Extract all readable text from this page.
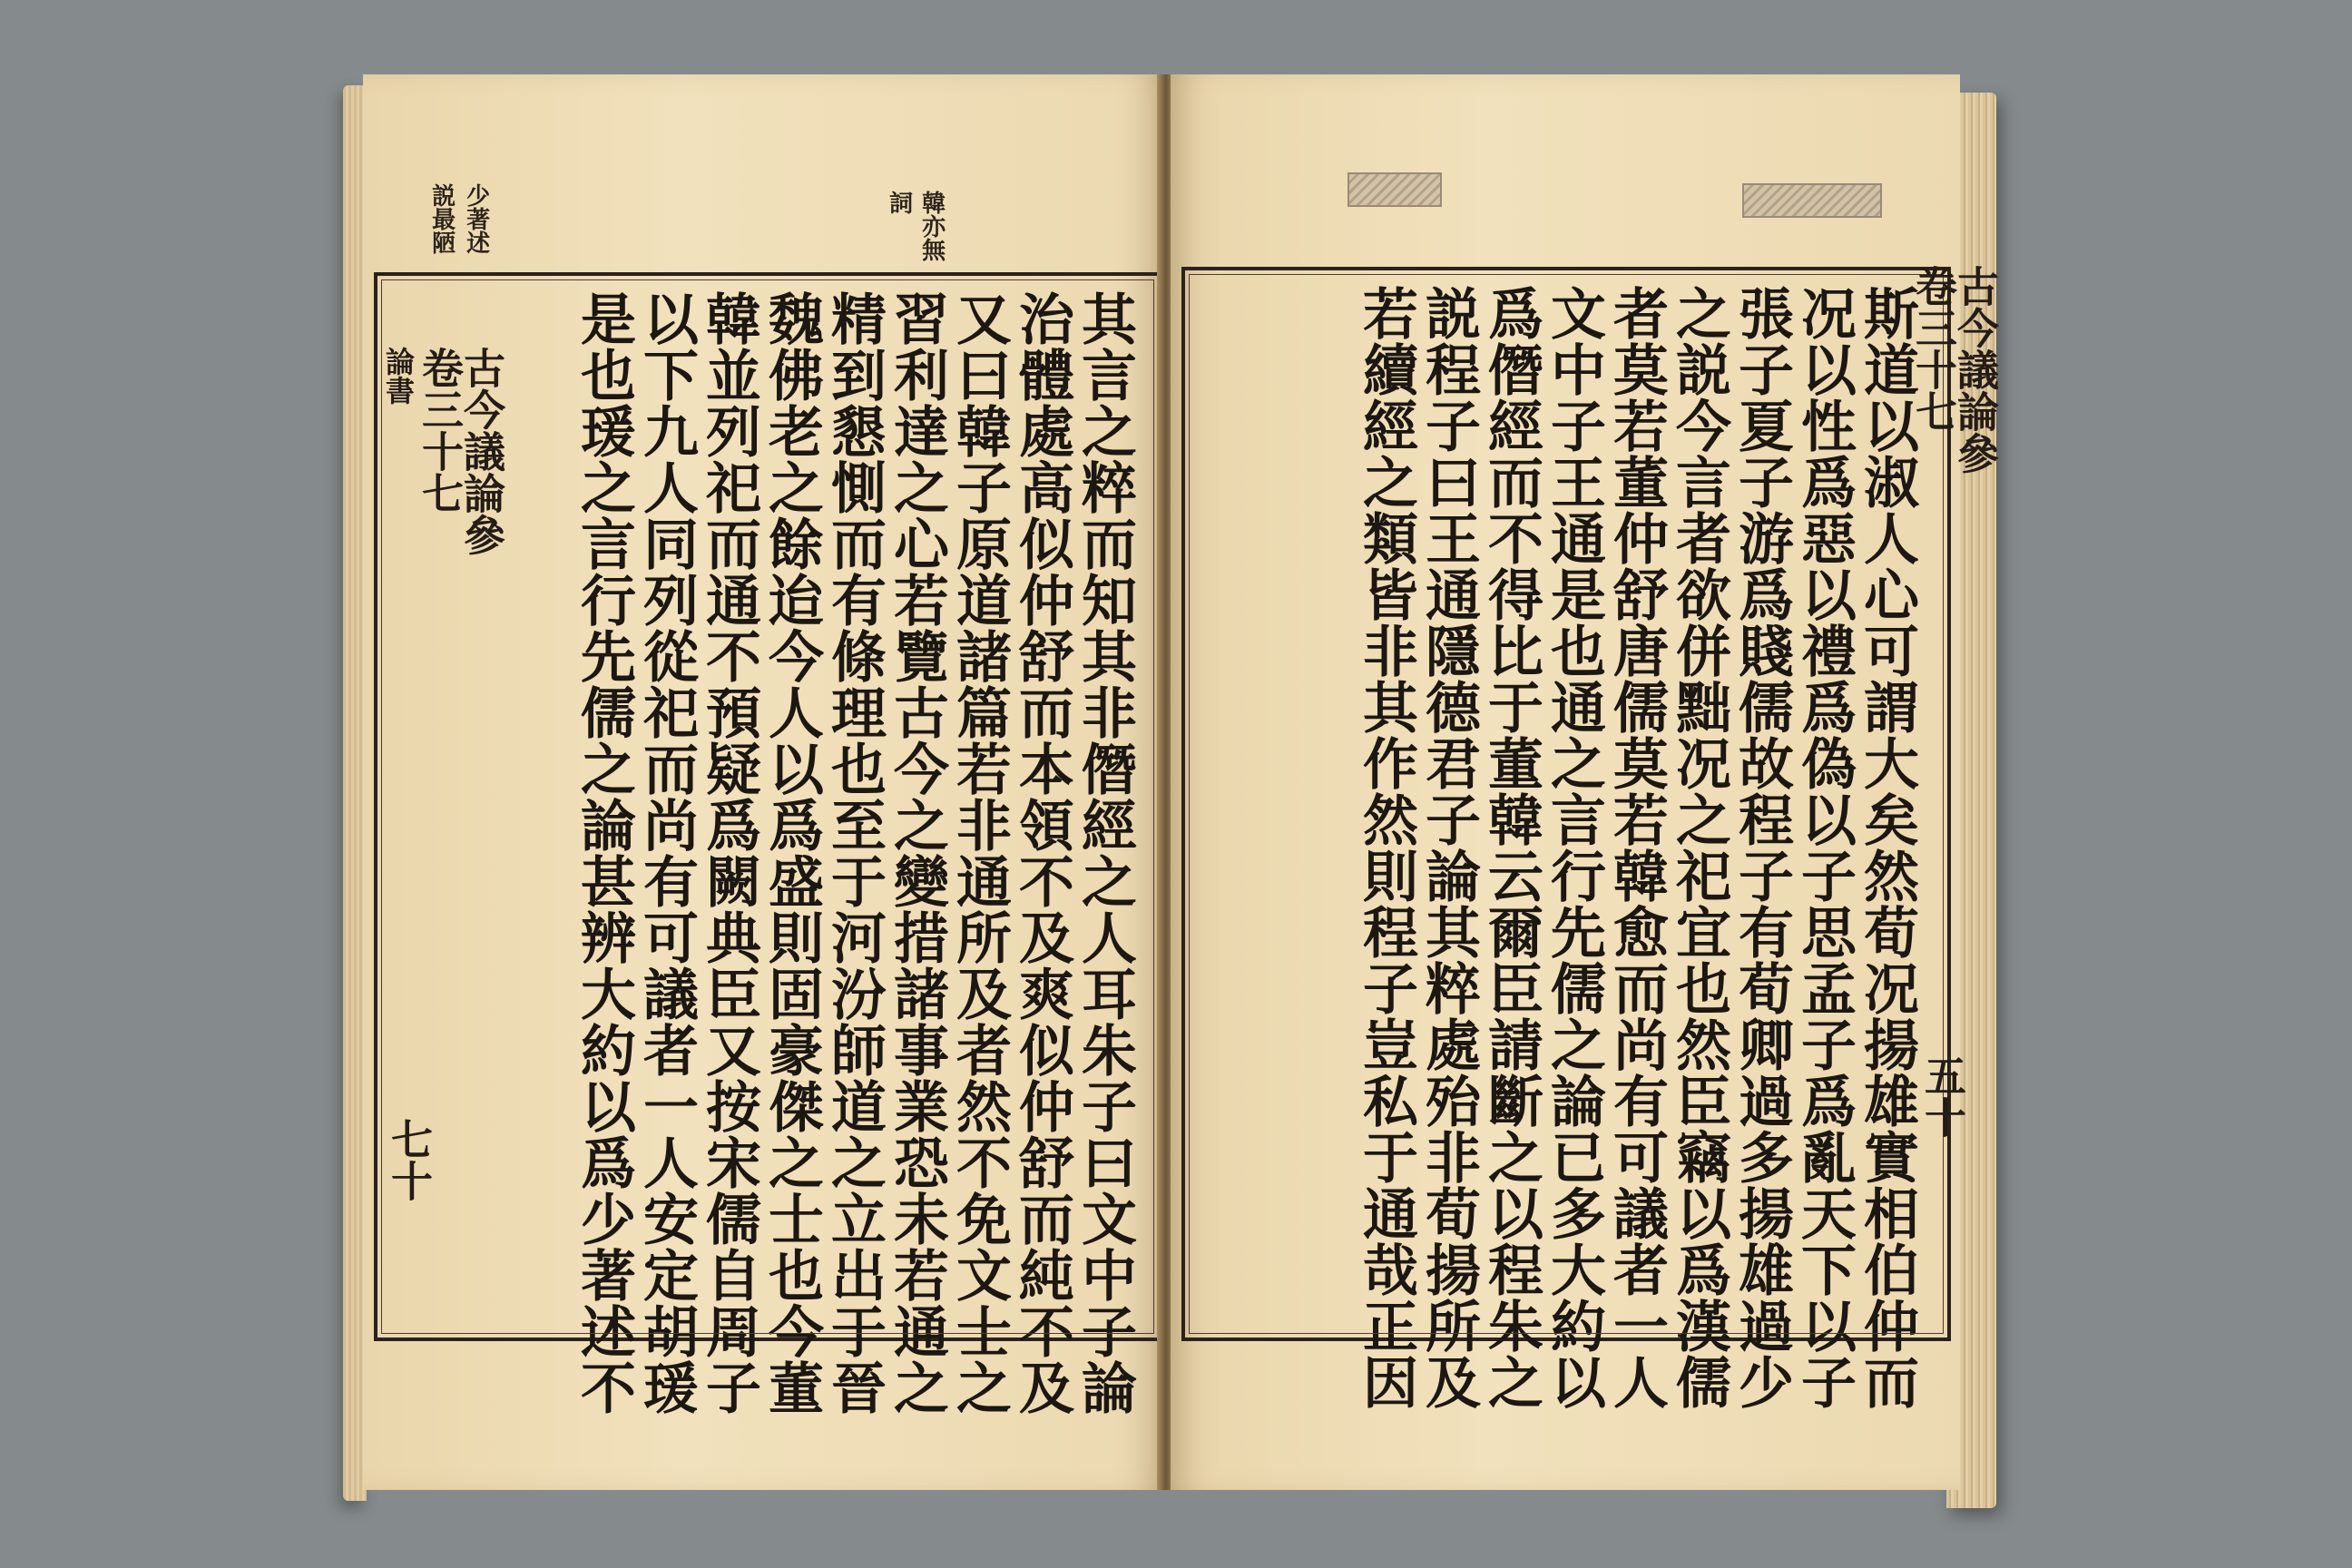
少著述
説最陋	韓亦無
詞
古今議論參
卷三十七
論書
七十	其言之粹而知其非僭經之人耳朱子曰文中子論
治體處高似仲舒而本領不及爽似仲舒而純不及
又曰韓子原道諸篇若非通所及者然不免文士之
習利達之心若覽古今之變措諸事業恐未若通之
精到懇惻而有條理也至于河汾師道之立出于晉
魏佛老之餘迨今人以爲盛則固豪傑之士也今董
韓並列祀而通不預疑爲闕典臣又按宋儒自周子
以下九人同列從祀而尚有可議者一人安定胡瑗
是也瑗之言行先儒之論甚辨大約以爲少著述不	斯道以淑人心可謂大矣然荀况揚雄實相伯仲而
况以性爲惡以禮爲偽以子思孟子爲亂天下以子
張子夏子游爲賤儒故程子有荀卿過多揚雄過少
之説今言者欲併黜况之祀宜也然臣竊以爲漢儒
者莫若董仲舒唐儒莫若韓愈而尚有可議者一人
文中子王通是也通之言行先儒之論已多大約以
爲僭經而不得比于董韓云爾臣請斷之以程朱之
説程子曰王通隱德君子論其粹處殆非荀揚所及
若續經之類皆非其作然則程子豈私于通哉正因	古今議論參
卷三十七
五十
